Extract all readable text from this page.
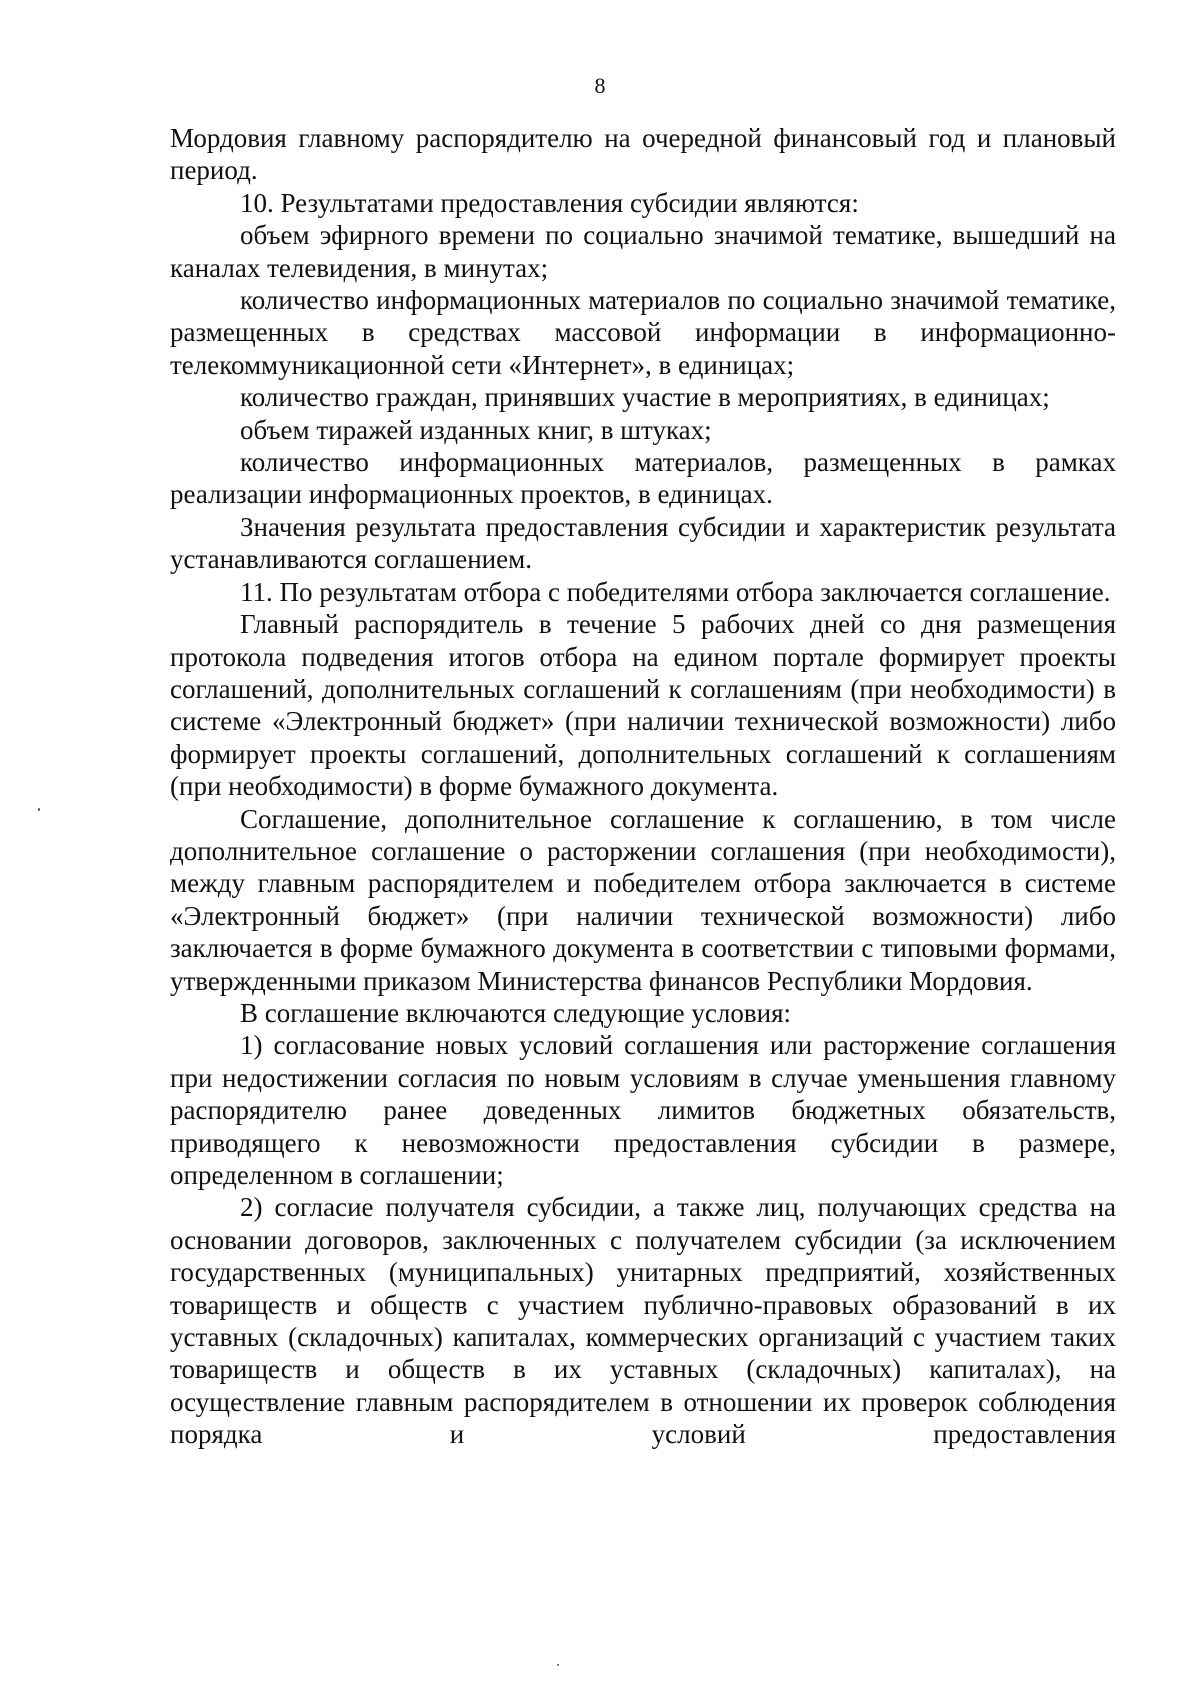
8

Мордовия главному распорядителю на очередной финансовый год и плановый период.

10. Результатами предоставления субсидии являются:

объем эфирного времени по социально значимой тематике, вышедший на каналах телевидения, в минутах;

количество информационных материалов по социально значимой тематике, размещенных в средствах массовой информации в информационно-телекоммуникационной сети «Интернет», в единицах;

количество граждан, принявших участие в мероприятиях, в единицах;

объем тиражей изданных книг, в штуках;

количество информационных материалов, размещенных в рамках реализации информационных проектов, в единицах.

Значения результата предоставления субсидии и характеристик результата устанавливаются соглашением.

11. По результатам отбора с победителями отбора заключается соглашение.

Главный распорядитель в течение 5 рабочих дней со дня размещения протокола подведения итогов отбора на едином портале формирует проекты соглашений, дополнительных соглашений к соглашениям (при необходимости) в системе «Электронный бюджет» (при наличии технической возможности) либо формирует проекты соглашений, дополнительных соглашений к соглашениям (при необходимости) в форме бумажного документа.

Соглашение, дополнительное соглашение к соглашению, в том числе дополнительное соглашение о расторжении соглашения (при необходимости), между главным распорядителем и победителем отбора заключается в системе «Электронный бюджет» (при наличии технической возможности) либо заключается в форме бумажного документа в соответствии с типовыми формами, утвержденными приказом Министерства финансов Республики Мордовия.

В соглашение включаются следующие условия:

1) согласование новых условий соглашения или расторжение соглашения при недостижении согласия по новым условиям в случае уменьшения главному распорядителю ранее доведенных лимитов бюджетных обязательств, приводящего к невозможности предоставления субсидии в размере, определенном в соглашении;

2) согласие получателя субсидии, а также лиц, получающих средства на основании договоров, заключенных с получателем субсидии (за исключением государственных (муниципальных) унитарных предприятий, хозяйственных товариществ и обществ с участием публично-правовых образований в их уставных (складочных) капиталах, коммерческих организаций с участием таких товариществ и обществ в их уставных (складочных) капиталах), на осуществление главным распорядителем в отношении их проверок соблюдения порядка и условий предоставления
